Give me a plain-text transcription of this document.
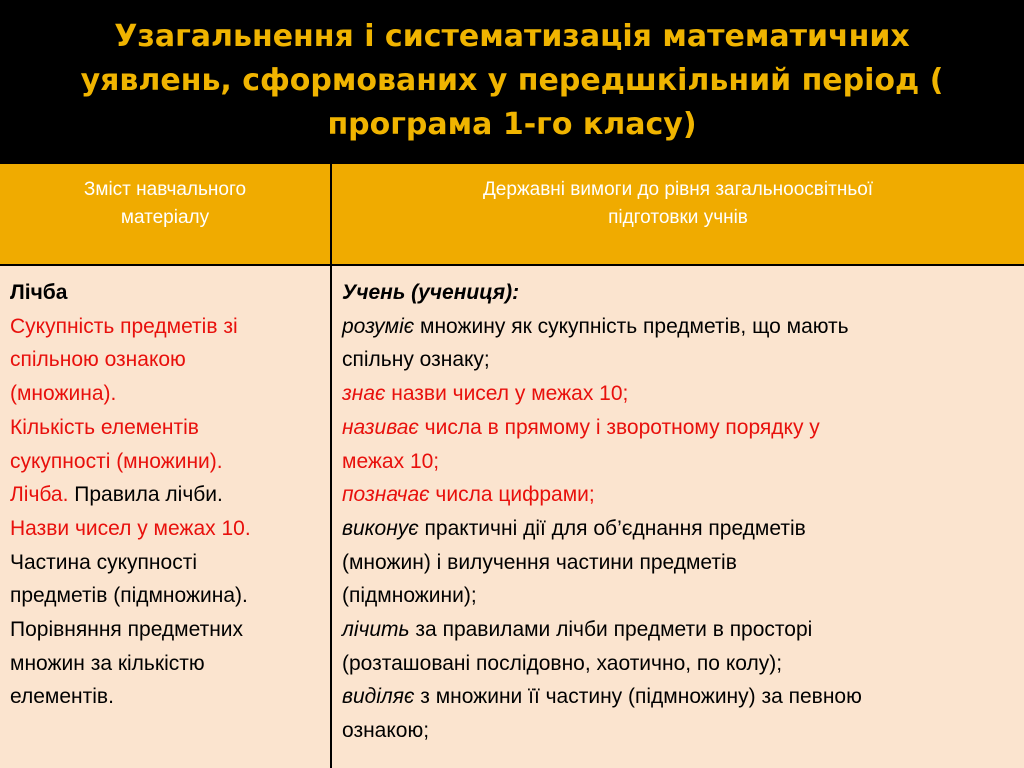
Узагальнення і систематизація математичних
уявлень, сформованих у передшкільний період (
програма 1-го класу)
Зміст навчального
матеріалу
Державні вимоги до рівня загальноосвітньої
підготовки учнів
Лічба
Сукупність предметів зі
спільною ознакою
(множина).
Кількість елементів
сукупності (множини).
Лічба. Правила лічби.
Назви чисел у межах 10.
Частина сукупності
предметів (підмножина).
Порівняння предметних
множин за кількістю
елементів.
Учень (учениця):
розуміє множину як сукупність предметів, що мають
спільну ознаку;
знає назви чисел у межах 10;
називає числа в прямому і зворотному порядку у
межах 10;
позначає числа цифрами;
виконує практичні дії для об’єднання предметів
(множин) і вилучення частини предметів
(підмножини);
лічить за правилами лічби предмети в просторі
(розташовані послідовно, хаотично, по колу);
виділяє з множини її частину (підмножину) за певною
ознакою;
